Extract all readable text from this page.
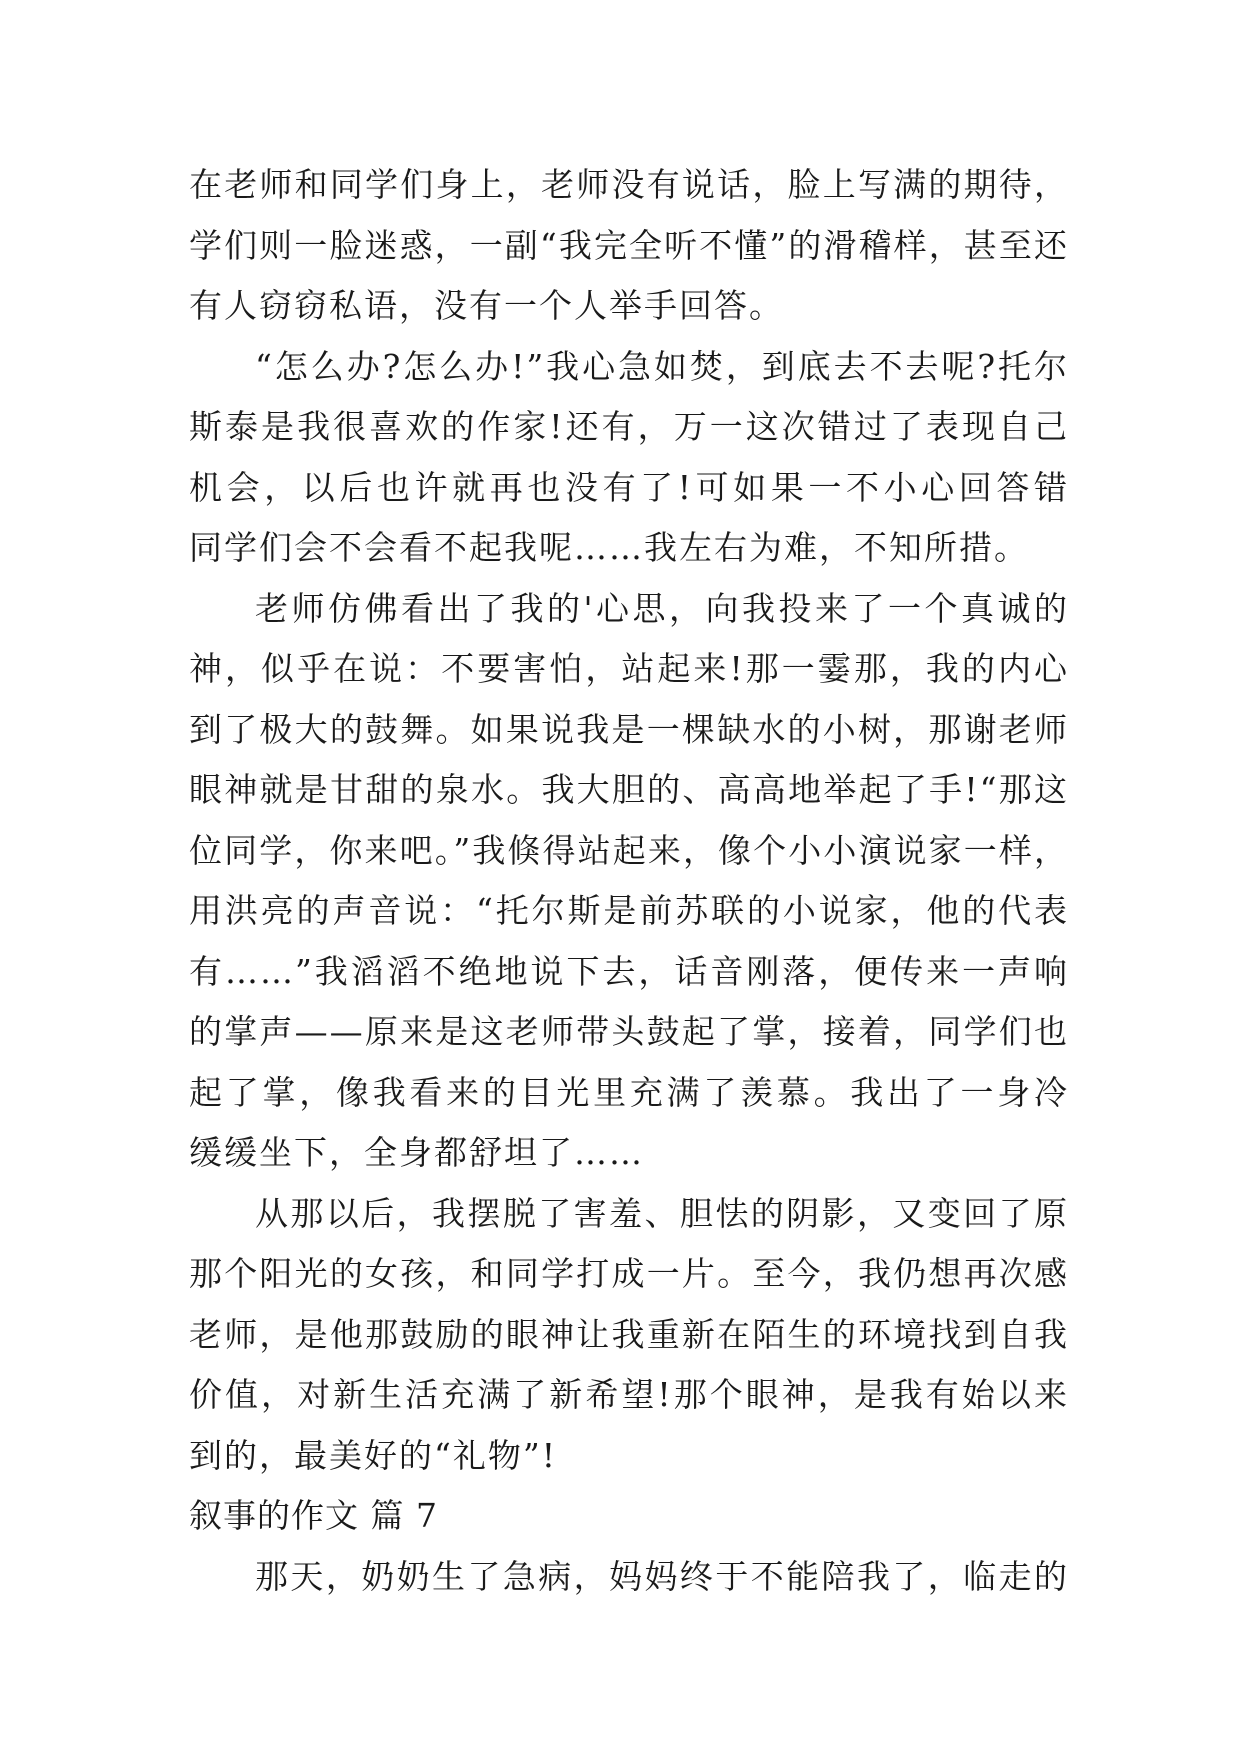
在老师和同学们身上，老师没有说话，脸上写满的期待，
学们则一脸迷惑，一副“我完全听不懂”的滑稽样，甚至还
有人窃窃私语，没有一个人举手回答。
“怎么办?怎么办!”我心急如焚，到底去不去呢?托尔
斯泰是我很喜欢的作家!还有，万一这次错过了表现自己
机会，以后也许就再也没有了!可如果一不小心回答错
同学们会不会看不起我呢……我左右为难，不知所措。
老师仿佛看出了我的'心思，向我投来了一个真诚的
神，似乎在说：不要害怕，站起来!那一霎那，我的内心
到了极大的鼓舞。如果说我是一棵缺水的小树，那谢老师
眼神就是甘甜的泉水。我大胆的、高高地举起了手!“那这
位同学，你来吧。”我倏得站起来，像个小小演说家一样，
用洪亮的声音说：“托尔斯是前苏联的小说家，他的代表
有……”我滔滔不绝地说下去，话音刚落，便传来一声响
的掌声——原来是这老师带头鼓起了掌，接着，同学们也
起了掌，像我看来的目光里充满了羡慕。我出了一身冷
缓缓坐下，全身都舒坦了……
从那以后，我摆脱了害羞、胆怯的阴影，又变回了原
那个阳光的女孩，和同学打成一片。至今，我仍想再次感
老师，是他那鼓励的眼神让我重新在陌生的环境找到自我
价值，对新生活充满了新希望!那个眼神，是我有始以来
到的，最美好的“礼物”!
叙事的作文 篇 7
那天，奶奶生了急病，妈妈终于不能陪我了，临走的
